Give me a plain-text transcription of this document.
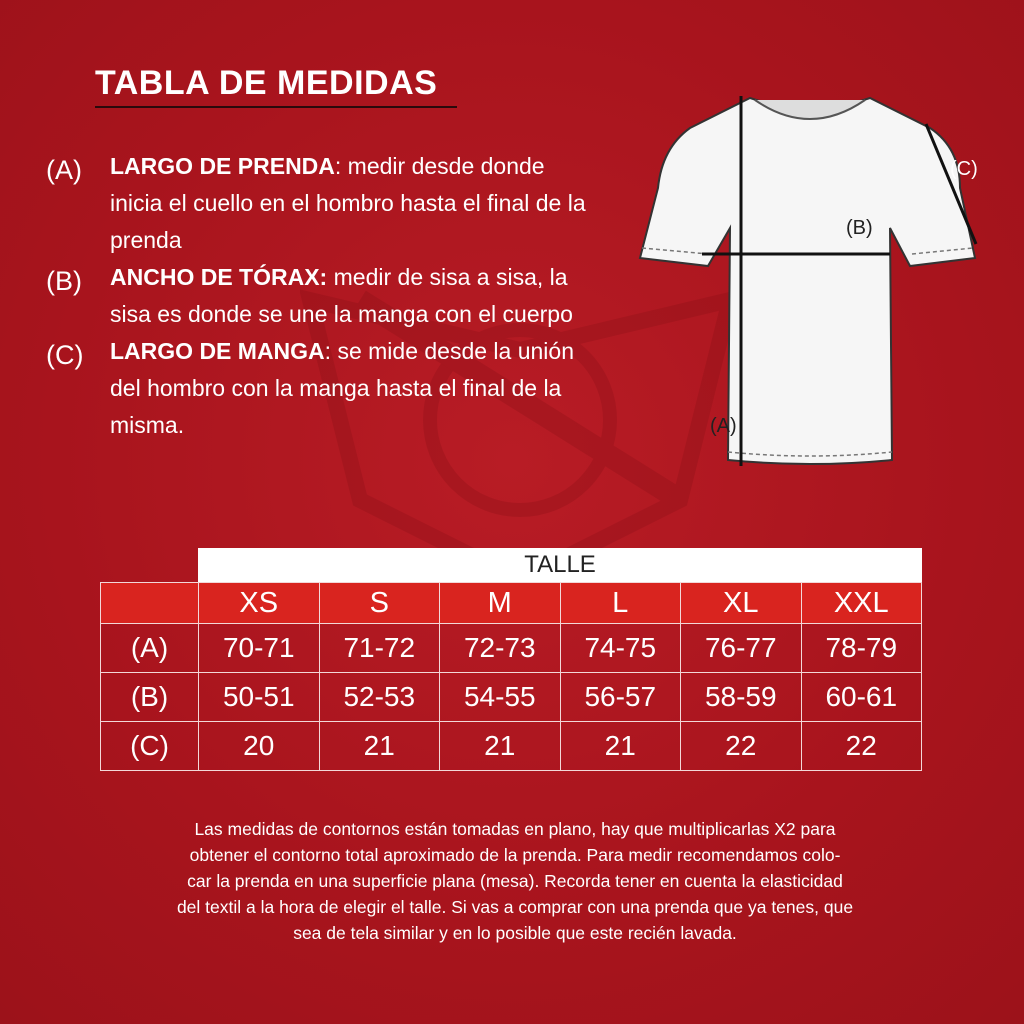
TABLA DE MEDIDAS
(A) LARGO DE PRENDA: medir desde donde inicia el cuello en el hombro hasta el final de la prenda
(B) ANCHO DE TÓRAX: medir de sisa a sisa, la sisa es donde se une la manga con el cuerpo
(C) LARGO DE MANGA: se mide desde la unión del hombro con la manga hasta el final de la misma.
(B)
(C)
(A)
TALLE
	XS	S	M	L	XL	XXL
(A)	70-71	71-72	72-73	74-75	76-77	78-79
(B)	50-51	52-53	54-55	56-57	58-59	60-61
(C)	20	21	21	21	22	22
Las medidas de contornos están tomadas en plano, hay que multiplicarlas X2 para
obtener el contorno total aproximado de la prenda. Para medir recomendamos colo-
car la prenda en una superficie plana (mesa). Recorda tener en cuenta la elasticidad
del textil a la hora de elegir el talle. Si vas a comprar con una prenda que ya tenes, que
sea de tela similar y en lo posible que este recién lavada.
